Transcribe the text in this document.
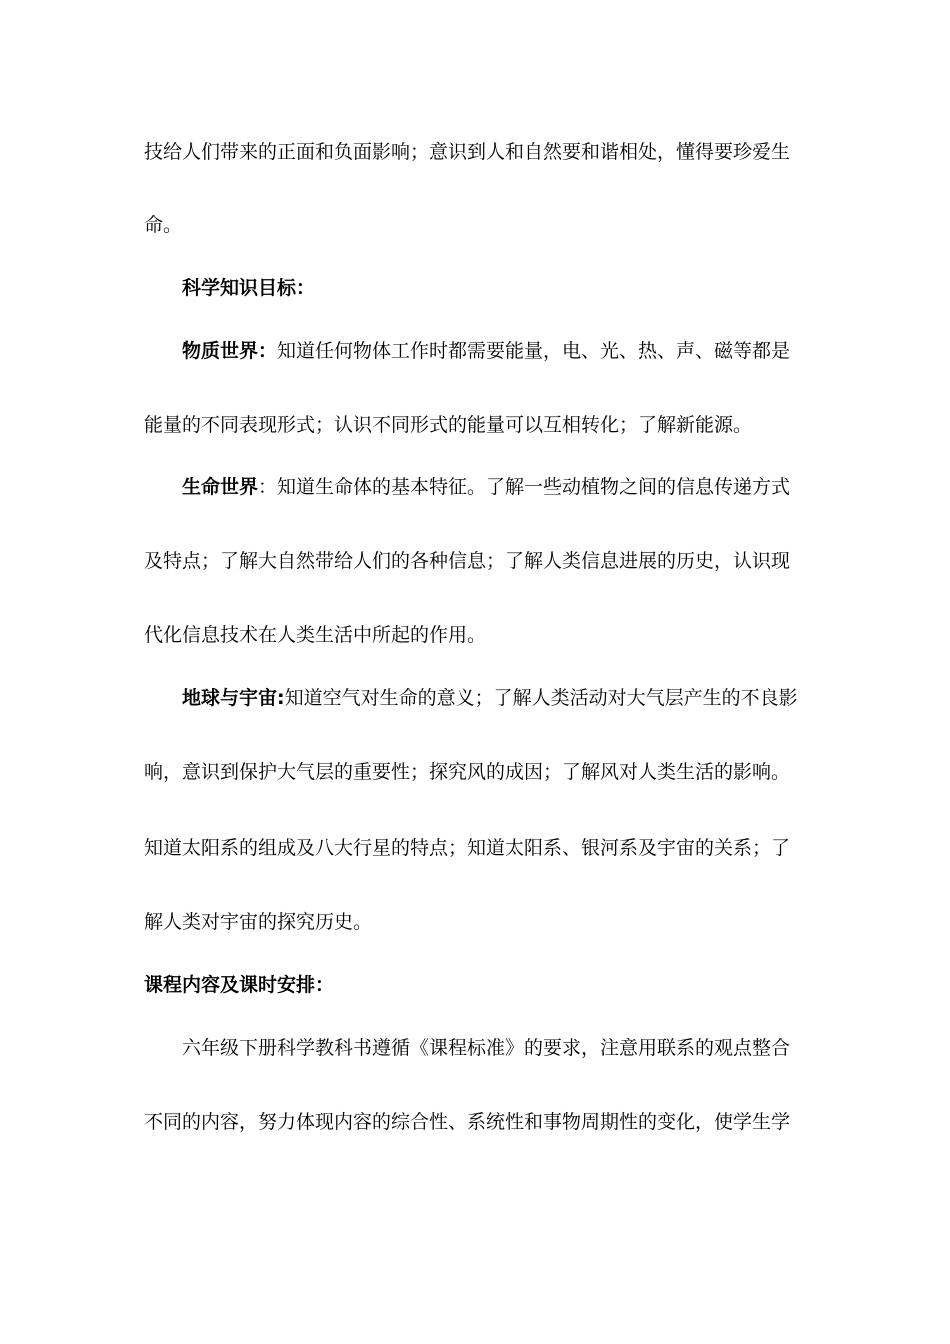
技给人们带来的正面和负面影响；意识到人和自然要和谐相处，懂得要珍爱生
命。
科学知识目标：
物质世界：知道任何物体工作时都需要能量，电、光、热、声、磁等都是
能量的不同表现形式；认识不同形式的能量可以互相转化；了解新能源。
生命世界：知道生命体的基本特征。了解一些动植物之间的信息传递方式
及特点；了解大自然带给人们的各种信息；了解人类信息进展的历史，认识现
代化信息技术在人类生活中所起的作用。
地球与宇宙:知道空气对生命的意义；了解人类活动对大气层产生的不良影
响，意识到保护大气层的重要性；探究风的成因；了解风对人类生活的影响。
知道太阳系的组成及八大行星的特点；知道太阳系、银河系及宇宙的关系；了
解人类对宇宙的探究历史。
课程内容及课时安排：
六年级下册科学教科书遵循《课程标准》的要求，注意用联系的观点整合
不同的内容，努力体现内容的综合性、系统性和事物周期性的变化，使学生学
